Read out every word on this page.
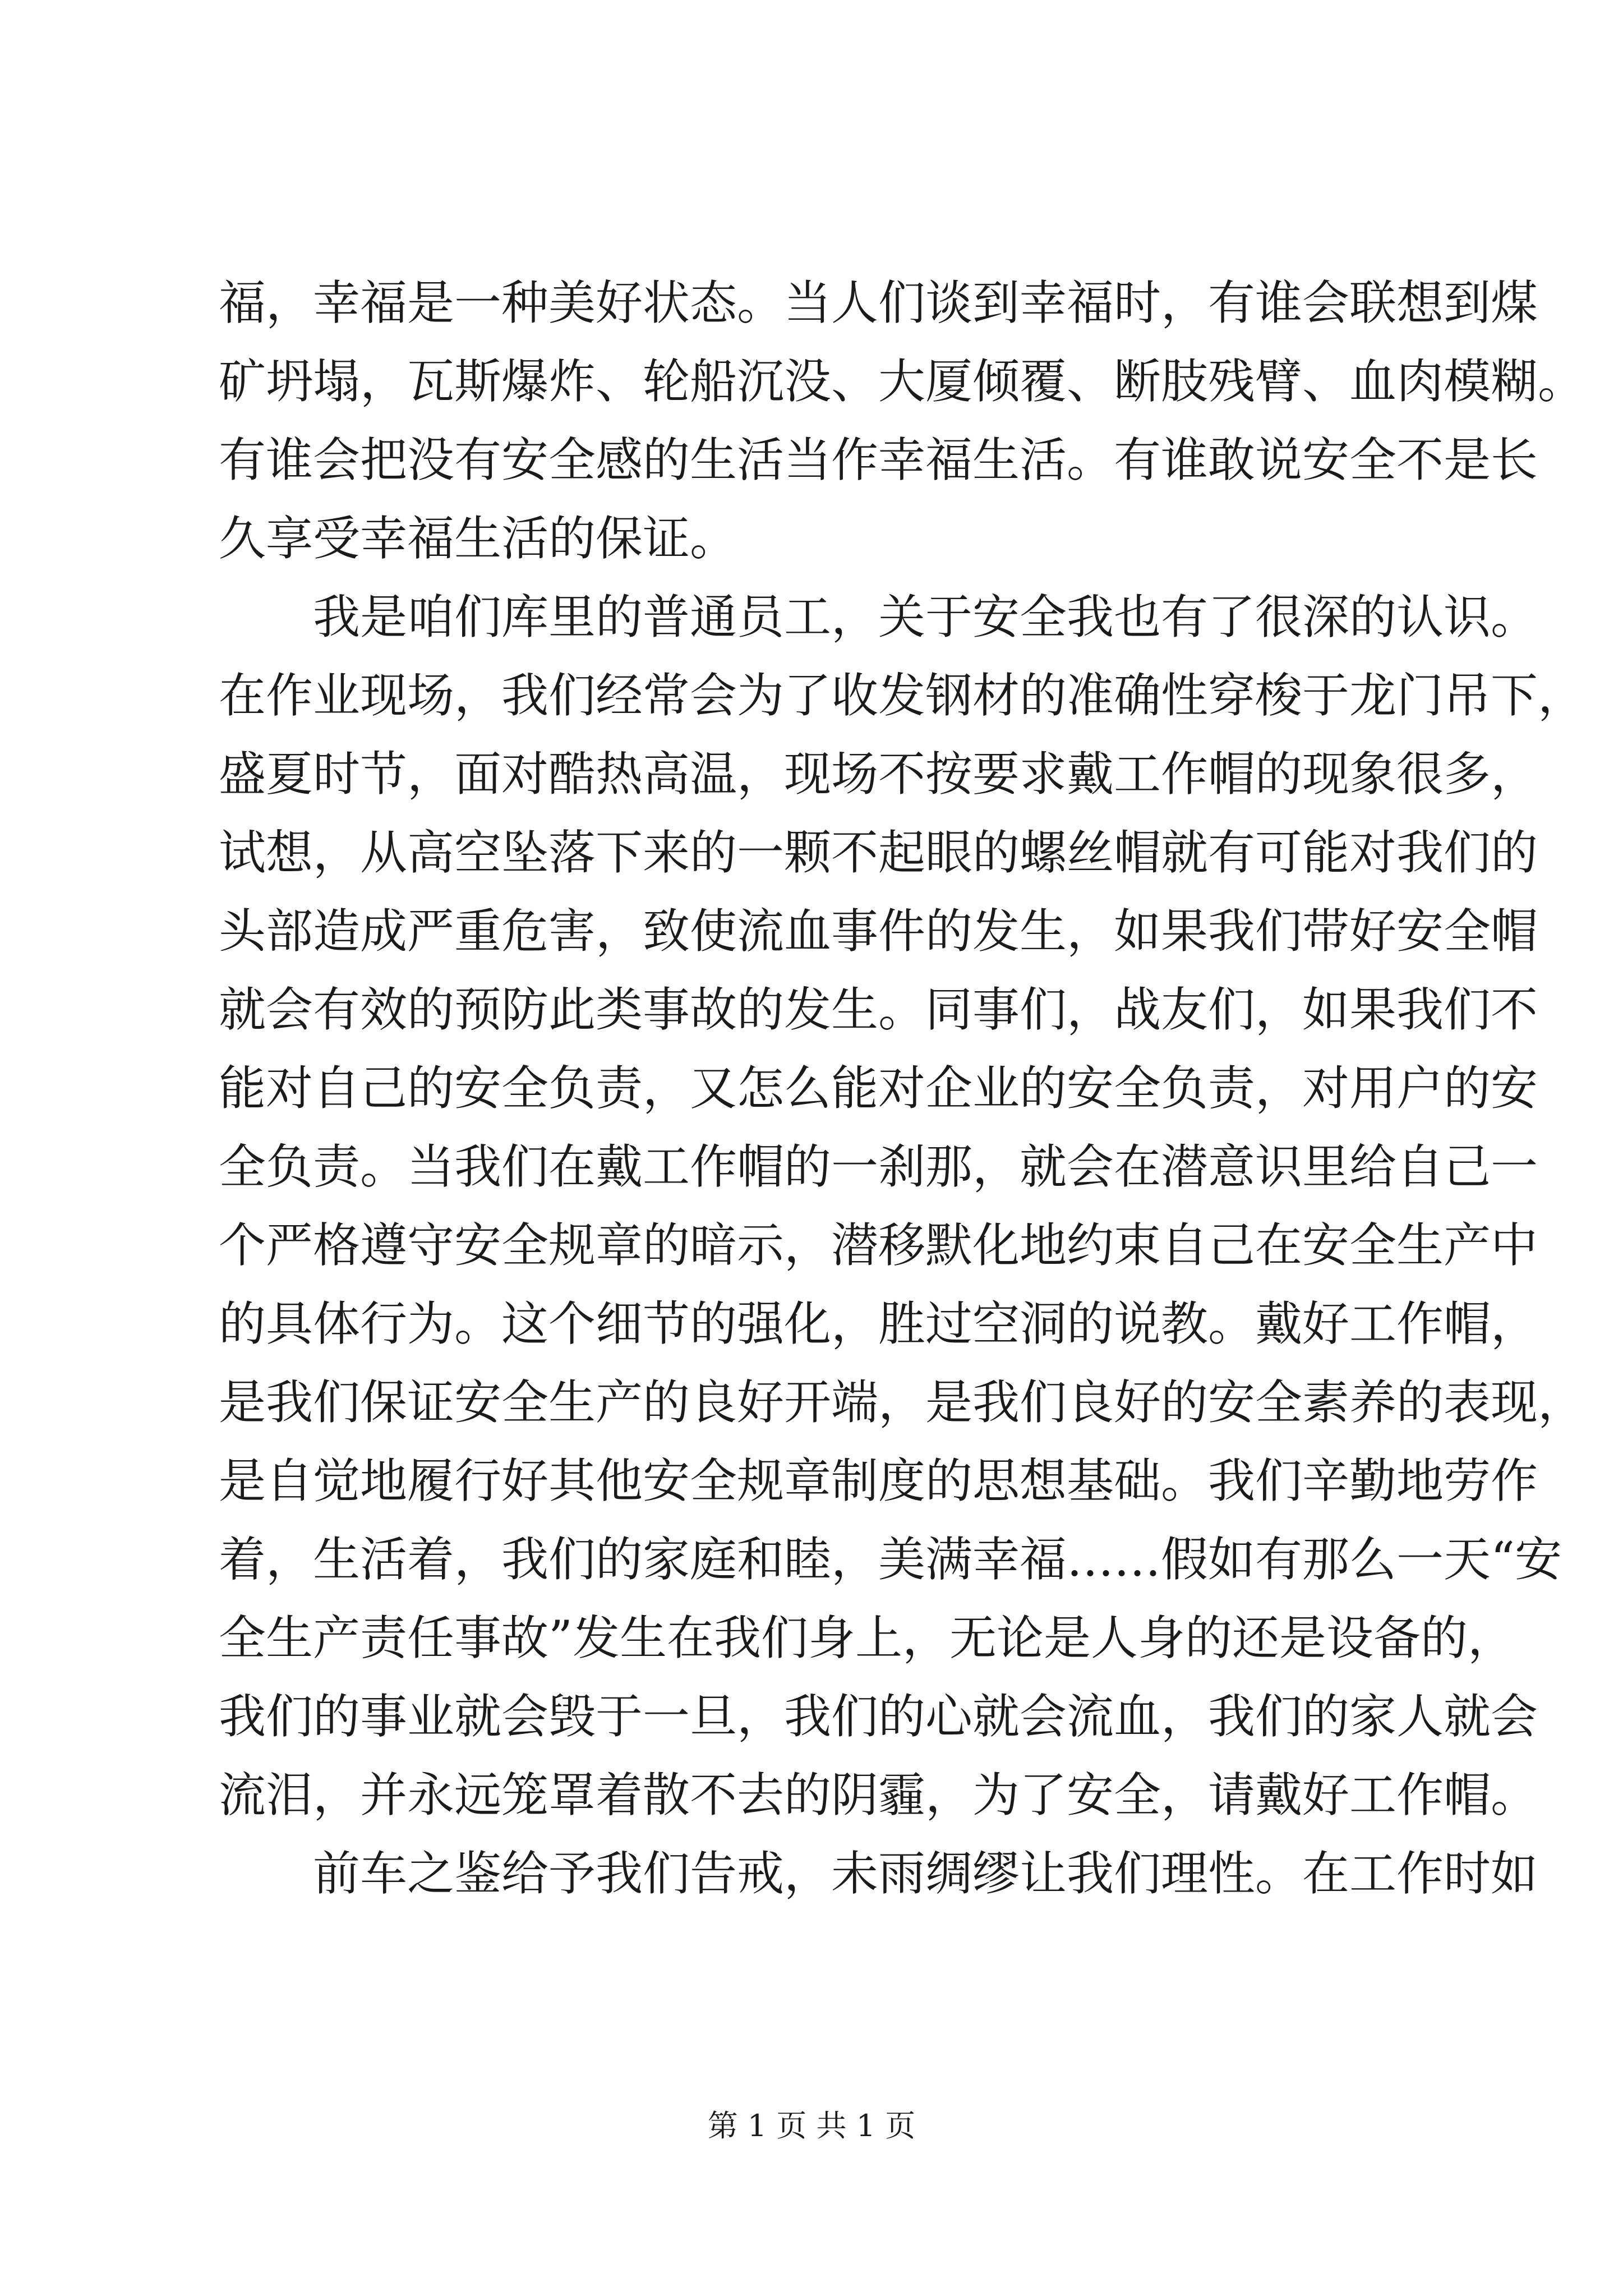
福，幸福是一种美好状态。当人们谈到幸福时，有谁会联想到煤
矿坍塌，瓦斯爆炸、轮船沉没、大厦倾覆、断肢残臂、血肉模糊。
有谁会把没有安全感的生活当作幸福生活。有谁敢说安全不是长
久享受幸福生活的保证。
　　我是咱们库里的普通员工，关于安全我也有了很深的认识。
在作业现场，我们经常会为了收发钢材的准确性穿梭于龙门吊下，
盛夏时节，面对酷热高温，现场不按要求戴工作帽的现象很多，
试想，从高空坠落下来的一颗不起眼的螺丝帽就有可能对我们的
头部造成严重危害，致使流血事件的发生，如果我们带好安全帽
就会有效的预防此类事故的发生。同事们，战友们，如果我们不
能对自己的安全负责，又怎么能对企业的安全负责，对用户的安
全负责。当我们在戴工作帽的一刹那，就会在潜意识里给自己一
个严格遵守安全规章的暗示，潜移默化地约束自己在安全生产中
的具体行为。这个细节的强化，胜过空洞的说教。戴好工作帽，
是我们保证安全生产的良好开端，是我们良好的安全素养的表现，
是自觉地履行好其他安全规章制度的思想基础。我们辛勤地劳作
着，生活着，我们的家庭和睦，美满幸福……假如有那么一天“安
全生产责任事故”发生在我们身上，无论是人身的还是设备的，
我们的事业就会毁于一旦，我们的心就会流血，我们的家人就会
流泪，并永远笼罩着散不去的阴霾，为了安全，请戴好工作帽。
　　前车之鉴给予我们告戒，未雨绸缪让我们理性。在工作时如
第 1 页 共 1 页
